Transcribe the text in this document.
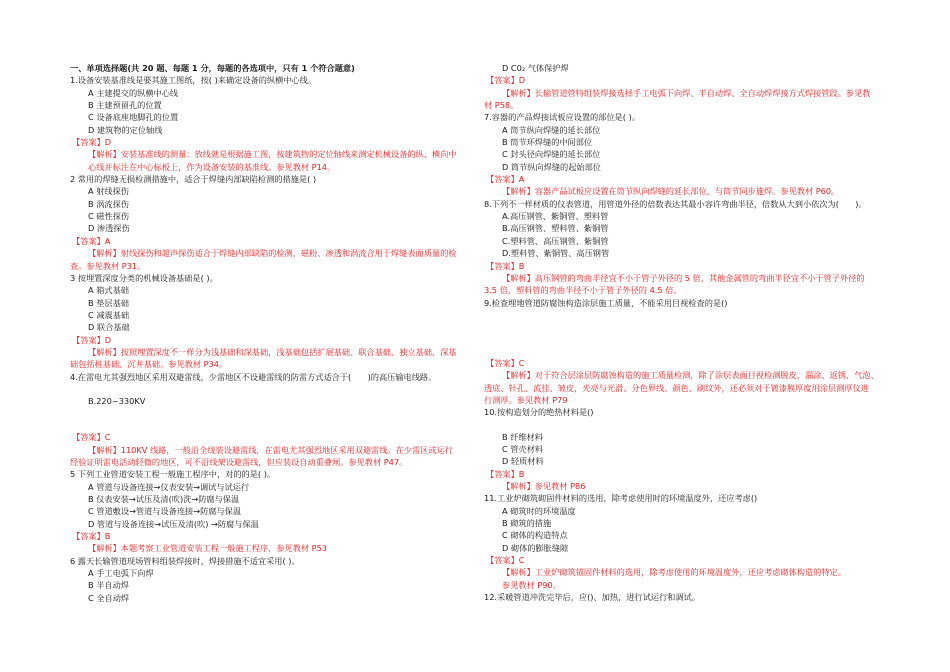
一、单项选择题(共 20 题、每题 1 分，每题的各选项中，只有 1 个符合题意)
1.设备安装基准线是要其施工图纸，按( )来确定设备的纵横中心线。
A 主建提交的纵横中心线
B 主建预留孔的位置
C 设备底座地脚孔的位置
D 建筑物的定位轴线
【答案】D
【解析】安装基准线的测量：放线就是根据施工图，按建筑物的定位轴线来测定机械设备的纵、横向中
心线并标注在中心标板上，作为设备安装的基准线。参见教材 P14。
2 常用的焊缝无损检测措施中，适合于焊缝内部缺陷检测的措施是( )
A 射线探伤
B 涡流探伤
C 磁性探伤
D 渗透探伤
【答案】A
【解析】射线探伤和超声探伤适合于焊缝内部缺陷的检测，磁粉、渗透和涡流合用于焊缝表面质量的检
查。参见教材 P31。
3 按埋置深度分类的机械设备基础是( )。
A 箱式基础
B 垫层基础
C 减震基础
D 联合基础
【答案】D
【解析】按照埋置深度不一样分为浅基础和深基础，浅基础包括扩展基础、联合基础、独立基础，深基
础包括桩基础、沉井基础。参见教材 P34。
4.在雷电尤其强烈地区采用双避雷线，少雷地区不设避雷线的防雷方式适合于(　　)的高压输电线路。
B.220~330KV
【答案】C
【解析】110KV 线路，一般沿全线装设避雷线，在雷电尤其强烈地区采用双避雷线。在少雷区或运行
经验证明雷电活动轻微的地区，可不沿线架设避雷线，但应装设自动重叠闸。参见教材 P47。
5 下列工业管道安装工程一般施工程序中，对的的是( )。
A 管道与设备连接→仪表安装→调试与试运行
B 仪表安装→试压及清(吹)洗→防腐与保温
C 管道敷设→管道与设备连接→防腐与保温
D 管道与设备连接→试压及清(吹) →防腐与保温
【答案】B
【解析】本题考察工业管道安装工程一般施工程序，参见教材 P53
6 露天长输管道现场管料组装焊接时，焊接措施不适宜采用( )。
A 手工电弧下向焊
B 半自动焊
C 全自动焊
D C0₂ 气体保护焊
【答案】D
【解析】长输管道管特组装焊接选择手工电弧下向焊、半自动焊、全自动焊焊接方式焊接管段。参见教
材 P58。
7.容器的产品焊接试板应设置的部位是( )。
A 筒节纵向焊缝的延长部位
B 筒节环焊缝的中间部位
C 封头径向焊缝的延长部位
D 筒节纵向焊缝的起始部位
【答案】A
【解析】容器产品试板应设置在筒节纵向焊缝的延长部位，与筒节同步施焊。参见教材 P60。
8.下列不一样材质的仪表管道，用管道外径的倍数表达其最小容许弯曲半径，倍数从大到小依次为(　　)。
A.高压钢管、紫铜管、塑料管
B.高压钢管、塑料管、紫铜管
C.塑料管、高压钢管、紫铜管
D.塑料管、紫铜管、高压钢管
【答案】B
【解析】高压钢管的弯曲半径宜不小于管子外径的 5 倍，其他金属管的弯曲半径宜不小于管子外径的
3.5 倍，塑料管的弯曲半径不小于管子外径的 4.5 倍。
9.检查埋地管道防腐蚀构造涂层施工质量，不能采用目视检查的是()
【答案】C
【解析】对于符合层涂层防腐蚀构造的施工质量检测，除了涂层表面目视检测脱皮、漏涂、返锈、气泡、
透底、针孔、流挂、皱皮，光亮与光滑、分色界线、颜色、刷纹外，还必须对于镀漆膜厚度用涂层测厚仪进
行测厚。参见教材 P79
10.按构造划分的绝热材料是()
B 纤维材料
C 管壳材料
D 轻质材料
【答案】B
【解析】参见教材 P86
11.工业炉砌筑砌固件材料的选用，除考虑使用时的环境温度外，还应考虑()
A 砌筑时的环境温度
B 砌筑的措施
C 砌体的构造特点
D 砌体的膨胀缝隙
【答案】C
【解析】工业炉砌筑锚固件材料的选用，除考虑使用的环境温度外，还应考虑砌体构造的特定。
参见教材 P90。
12.采暖管道冲洗完毕后，应()、加热，进行试运行和调试。
